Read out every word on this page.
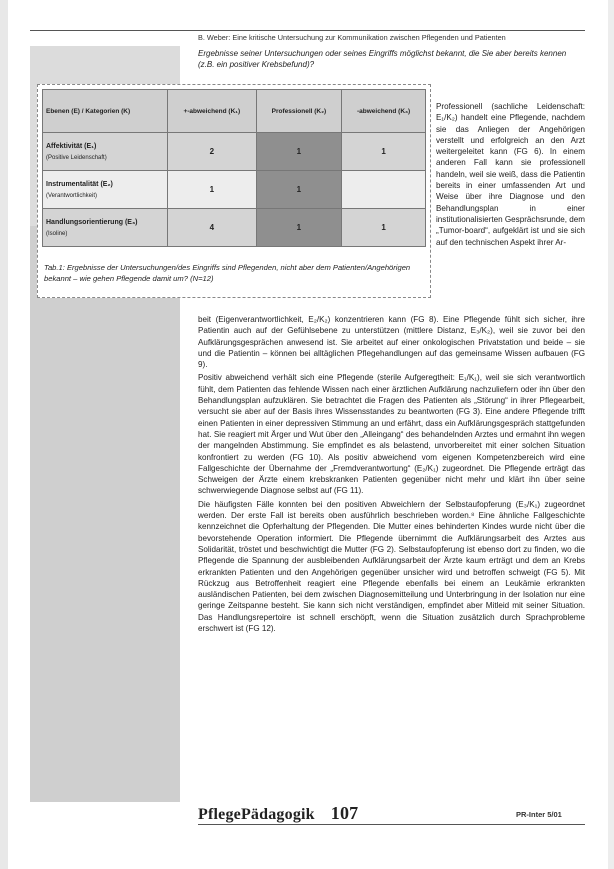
B. Weber: Eine kritische Untersuchung zur Kommunikation zwischen Pflegenden und Patienten
Ergebnisse seiner Untersuchungen oder seines Eingriffs möglichst bekannt, die Sie aber bereits kennen (z.B. ein positiver Krebsbefund)?
Ebenen (E) / Kategorien (K)	+-abweichend (K₁)	Professionell (K₂)	-abweichend (K₃)
Affektivität (E₁)
(Positive Leidenschaft)	2	1	1
Instrumentalität (E₂)
(Verantwortlichkeit)	1	1	
Handlungsorientierung (E₃)
(Isoline)	4	1	1
Tab.1: Ergebnisse der Untersuchungen/des Eingriffs sind Pflegenden, nicht aber dem Patienten/Angehörigen bekannt – wie gehen Pflegende damit um? (N=12)
Professionell (sachliche Leidenschaft: E₁/K₂) handelt eine Pflegende, nachdem sie das Anliegen der Angehörigen verstellt und erfolgreich an den Arzt weitergeleitet kann (FG 6). In einem anderen Fall kann sie professionell handeln, weil sie weiß, dass die Patientin bereits in einer umfassenden Art und Weise über ihre Diagnose und den Behandlungsplan in einer institutionalisierten Gesprächsrunde, dem „Tumor-board“, aufgeklärt ist und sie sich auf den technischen Aspekt ihrer Ar-

beit (Eigenverantwortlichkeit, E₂/K₂) konzentrieren kann (FG 8). Eine Pflegende fühlt sich sicher, ihre Patientin auch auf der Gefühlsebene zu unterstützen (mittlere Distanz, E₃/K₂), weil sie zuvor bei den Aufklärungsgesprächen anwesend ist. Sie arbeitet auf einer onkologischen Privatstation und beide – sie und die Patientin – können bei alltäglichen Pflegehandlungen auf das gemeinsame Wissen aufbauen (FG 9).

Positiv abweichend verhält sich eine Pflegende (sterile Aufgeregtheit: E₁/K₁), weil sie sich verantwortlich fühlt, dem Patienten das fehlende Wissen nach einer ärztlichen Aufklärung nachzuliefern oder ihn über den Behandlungsplan aufzuklären. Sie betrachtet die Fragen des Patienten als „Störung“ in ihrer Pflegearbeit, versucht sie aber auf der Basis ihres Wissensstandes zu beantworten (FG 3). Eine andere Pflegende trifft einen Patienten in einer depressiven Stimmung an und erfährt, dass ein Aufklärungsgespräch stattgefunden hat. Sie reagiert mit Ärger und Wut über den „Alleingang“ des behandelnden Arztes und ermahnt ihn wegen der mangelnden Abstimmung. Sie empfindet es als belastend, unvorbereitet mit einer solchen Situation konfrontiert zu werden (FG 10). Als positiv abweichend vom eigenen Kompetenzbereich wird eine Fallgeschichte der Übernahme der „Fremdverantwortung“ (E₂/K₁) zugeordnet. Die Pflegende erträgt das Schweigen der Ärzte einem krebskranken Patienten gegenüber nicht mehr und klärt ihn über seine schwerwiegende Diagnose selbst auf (FG 11).

Die häufigsten Fälle konnten bei den positiven Abweichlern der Selbstaufopferung (E₃/K₁) zugeordnet werden. Der erste Fall ist bereits oben ausführlich beschrieben worden.⁸ Eine ähnliche Fallgeschichte kennzeichnet die Opferhaltung der Pflegenden. Die Mutter eines behinderten Kindes wurde nicht über die bevorstehende Operation informiert. Die Pflegende übernimmt die Aufklärungsarbeit des Arztes aus Solidarität, tröstet und beschwichtigt die Mutter (FG 2). Selbstaufopferung ist ebenso dort zu finden, wo die Pflegende die Spannung der ausbleibenden Aufklärungsarbeit der Ärzte kaum erträgt und dem an Krebs erkrankten Patienten und den Angehörigen gegenüber unsicher wird und betroffen schweigt (FG 5). Mit Rückzug aus Betroffenheit reagiert eine Pflegende ebenfalls bei einem an Leukämie erkrankten ausländischen Patienten, bei dem zwischen Diagnosemitteilung und Unterbringung in der Isolation nur eine geringe Zeitspanne besteht. Sie kann sich nicht verständigen, empfindet aber Mitleid mit seiner Situation. Das Handlungsrepertoire ist schnell erschöpft, wenn die Situation zusätzlich durch Sprachprobleme erschwert ist (FG 12).

PflegePädagogik 107	PR-Inter 5/01
